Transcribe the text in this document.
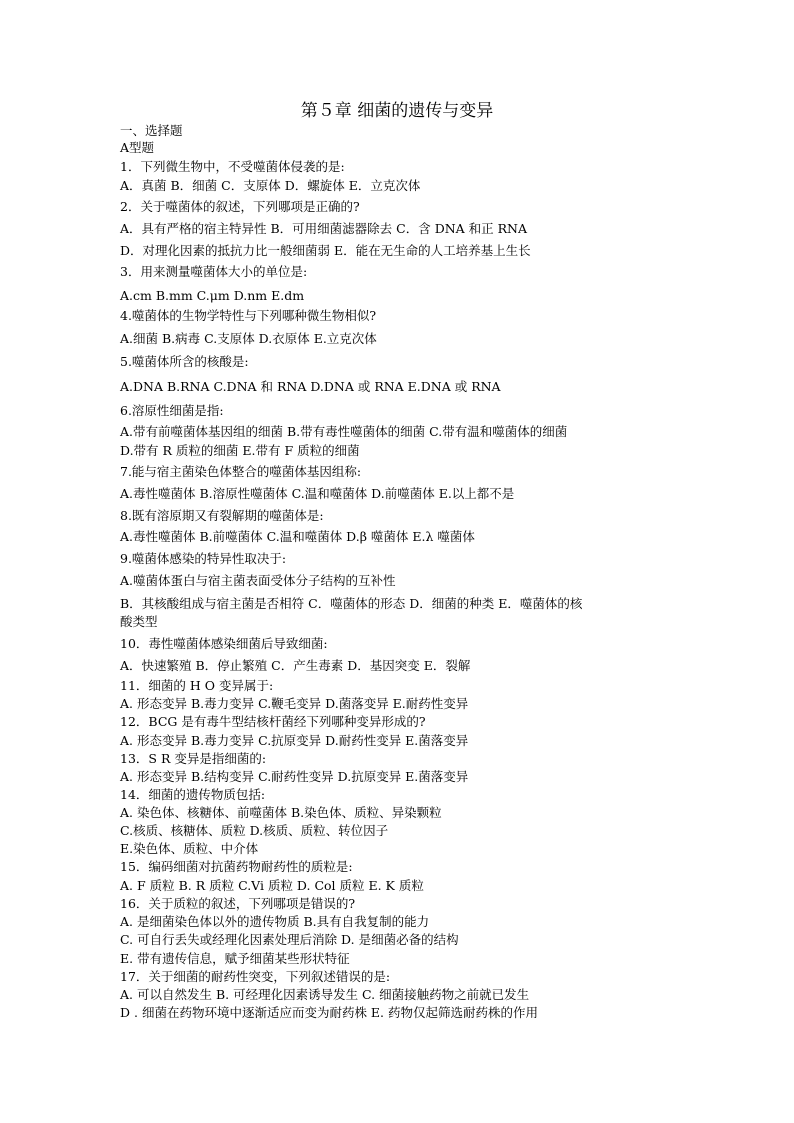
第５章 细菌的遗传与变异
一、选择题
A型题
1．下列微生物中，不受噬菌体侵袭的是:
A．真菌 B．细菌 C．支原体 D．螺旋体 E．立克次体
2．关于噬菌体的叙述，下列哪项是正确的?
A．具有严格的宿主特异性 B．可用细菌滤器除去 C．含 DNA 和正 RNA
D．对理化因素的抵抗力比一般细菌弱 E．能在无生命的人工培养基上生长
3．用来测量噬菌体大小的单位是:
A.cm B.mm C.μm D.nm E.dm
4.噬菌体的生物学特性与下列哪种微生物相似?
A.细菌 B.病毒 C.支原体 D.衣原体 E.立克次体
5.噬菌体所含的核酸是:
A.DNA B.RNA C.DNA 和 RNA D.DNA 或 RNA E.DNA 或 RNA
6.溶原性细菌是指:
A.带有前噬菌体基因组的细菌 B.带有毒性噬菌体的细菌 C.带有温和噬菌体的细菌
D.带有 R 质粒的细菌 E.带有 F 质粒的细菌
7.能与宿主菌染色体整合的噬菌体基因组称:
A.毒性噬菌体 B.溶原性噬菌体 C.温和噬菌体 D.前噬菌体 E.以上都不是
8.既有溶原期又有裂解期的噬菌体是:
A.毒性噬菌体 B.前噬菌体 C.温和噬菌体 D.β 噬菌体 E.λ 噬菌体
9.噬菌体感染的特异性取决于:
A.噬菌体蛋白与宿主菌表面受体分子结构的互补性
B．其核酸组成与宿主菌是否相符 C．噬菌体的形态 D．细菌的种类 E．噬菌体的核
酸类型
10．毒性噬菌体感染细菌后导致细菌:
A．快速繁殖 B．停止繁殖 C．产生毒素 D．基因突变 E．裂解
11．细菌的 H O 变异属于:
A. 形态变异 B.毒力变异 C.鞭毛变异 D.菌落变异 E.耐药性变异
12．BCG 是有毒牛型结核杆菌经下列哪种变异形成的?
A. 形态变异 B.毒力变异 C.抗原变异 D.耐药性变异 E.菌落变异
13．S R 变异是指细菌的:
A. 形态变异 B.结构变异 C.耐药性变异 D.抗原变异 E.菌落变异
14．细菌的遗传物质包括:
A. 染色体、核糖体、前噬菌体 B.染色体、质粒、异染颗粒
C.核质、核糖体、质粒 D.核质、质粒、转位因子
E.染色体、质粒、中介体
15．编码细菌对抗菌药物耐药性的质粒是:
A. F 质粒 B. R 质粒 C.Vi 质粒 D. Col 质粒 E. K 质粒
16．关于质粒的叙述，下列哪项是错误的?
A. 是细菌染色体以外的遗传物质 B.具有自我复制的能力
C. 可自行丢失或经理化因素处理后消除 D. 是细菌必备的结构
E. 带有遗传信息，赋予细菌某些形状特征
17．关于细菌的耐药性突变，下列叙述错误的是:
A. 可以自然发生 B. 可经理化因素诱导发生 C. 细菌接触药物之前就已发生
D . 细菌在药物环境中逐渐适应而变为耐药株 E. 药物仅起筛选耐药株的作用
